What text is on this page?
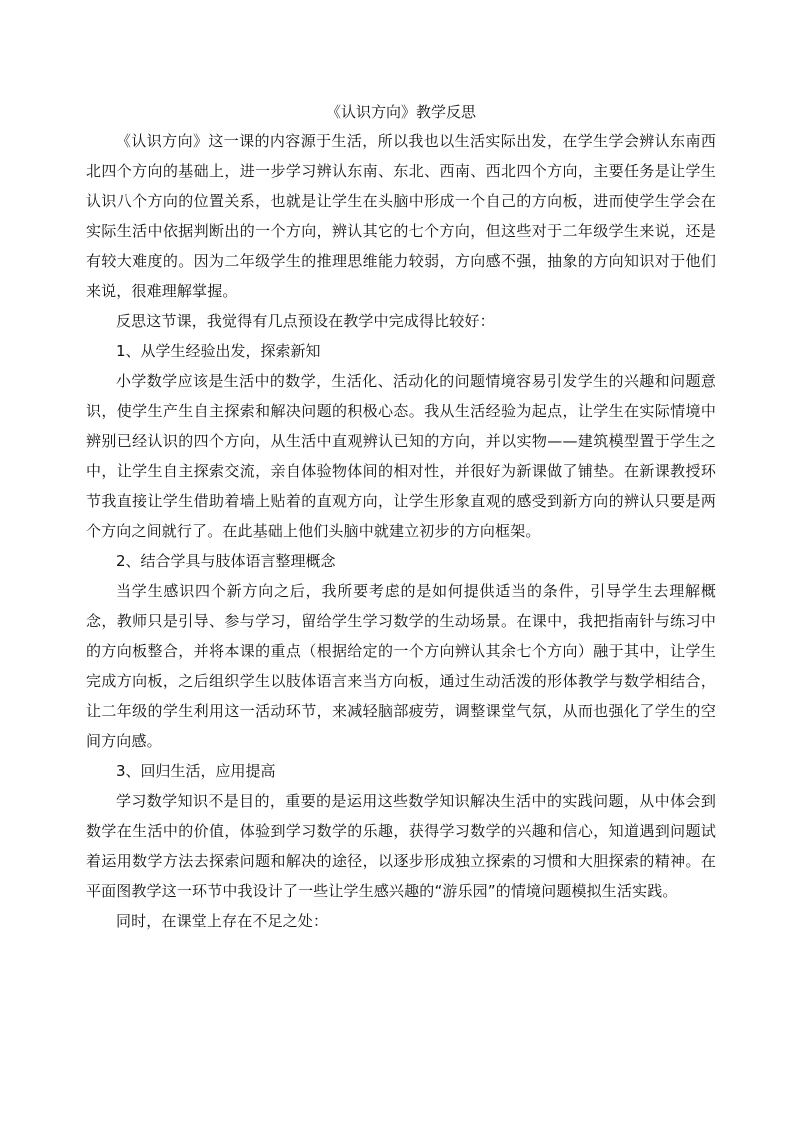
《认识方向》教学反思

《认识方向》这一课的内容源于生活，所以我也以生活实际出发，在学生学会辨认东南西北四个方向的基础上，进一步学习辨认东南、东北、西南、西北四个方向，主要任务是让学生认识八个方向的位置关系，也就是让学生在头脑中形成一个自己的方向板，进而使学生学会在实际生活中依据判断出的一个方向，辨认其它的七个方向，但这些对于二年级学生来说，还是有较大难度的。因为二年级学生的推理思维能力较弱，方向感不强，抽象的方向知识对于他们来说，很难理解掌握。

反思这节课，我觉得有几点预设在教学中完成得比较好：

1、从学生经验出发，探索新知

小学数学应该是生活中的数学，生活化、活动化的问题情境容易引发学生的兴趣和问题意识，使学生产生自主探索和解决问题的积极心态。我从生活经验为起点，让学生在实际情境中辨别已经认识的四个方向，从生活中直观辨认已知的方向，并以实物——建筑模型置于学生之中，让学生自主探索交流，亲自体验物体间的相对性，并很好为新课做了铺垫。在新课教授环节我直接让学生借助着墙上贴着的直观方向，让学生形象直观的感受到新方向的辨认只要是两个方向之间就行了。在此基础上他们头脑中就建立初步的方向框架。

2、结合学具与肢体语言整理概念

当学生感识四个新方向之后，我所要考虑的是如何提供适当的条件，引导学生去理解概念，教师只是引导、参与学习，留给学生学习数学的生动场景。在课中，我把指南针与练习中的方向板整合，并将本课的重点（根据给定的一个方向辨认其余七个方向）融于其中，让学生完成方向板，之后组织学生以肢体语言来当方向板，通过生动活泼的形体教学与数学相结合，让二年级的学生利用这一活动环节，来减轻脑部疲劳，调整课堂气氛，从而也强化了学生的空间方向感。

3、回归生活，应用提高

学习数学知识不是目的，重要的是运用这些数学知识解决生活中的实践问题，从中体会到数学在生活中的价值，体验到学习数学的乐趣，获得学习数学的兴趣和信心，知道遇到问题试着运用数学方法去探索问题和解决的途径，以逐步形成独立探索的习惯和大胆探索的精神。在平面图教学这一环节中我设计了一些让学生感兴趣的“游乐园”的情境问题模拟生活实践。

同时，在课堂上存在不足之处：
